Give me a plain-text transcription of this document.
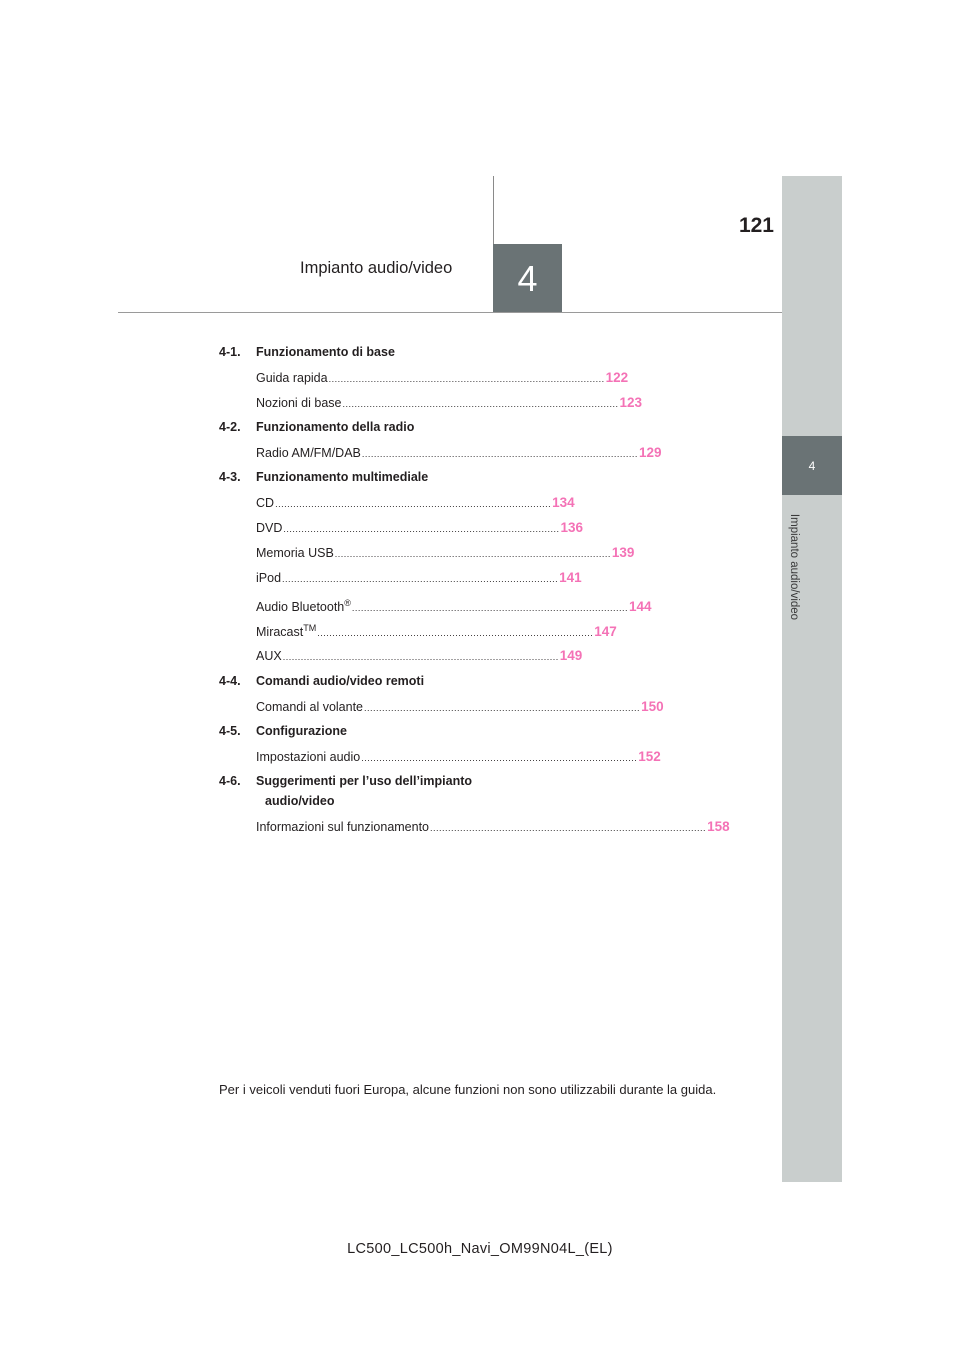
121
Impianto audio/video	4
4
Impianto audio/video
4-1. Funzionamento di base
Guida rapida ............................................................................................ 122
Nozioni di base ............................................................................................ 123
4-2. Funzionamento della radio
Radio AM/FM/DAB ............................................................................................ 129
4-3. Funzionamento multimediale
CD ............................................................................................ 134
DVD ............................................................................................ 136
Memoria USB ............................................................................................ 139
iPod ............................................................................................ 141
Audio Bluetooth®
............................................................................................ 144
Miracast™
............................................................................................ 147
AUX ............................................................................................ 149
4-4. Comandi audio/video remoti
Comandi al volante ............................................................................................ 150
4-5. Configurazione
Impostazioni audio ............................................................................................ 152
4-6. Suggerimenti per l’uso dell’impianto
audio/video
Informazioni sul funzionamento ............................................................................................ 158
Per i veicoli venduti fuori Europa, alcune funzioni non sono utilizzabili durante la guida.
LC500_LC500h_Navi_OM99N04L_(EL)
